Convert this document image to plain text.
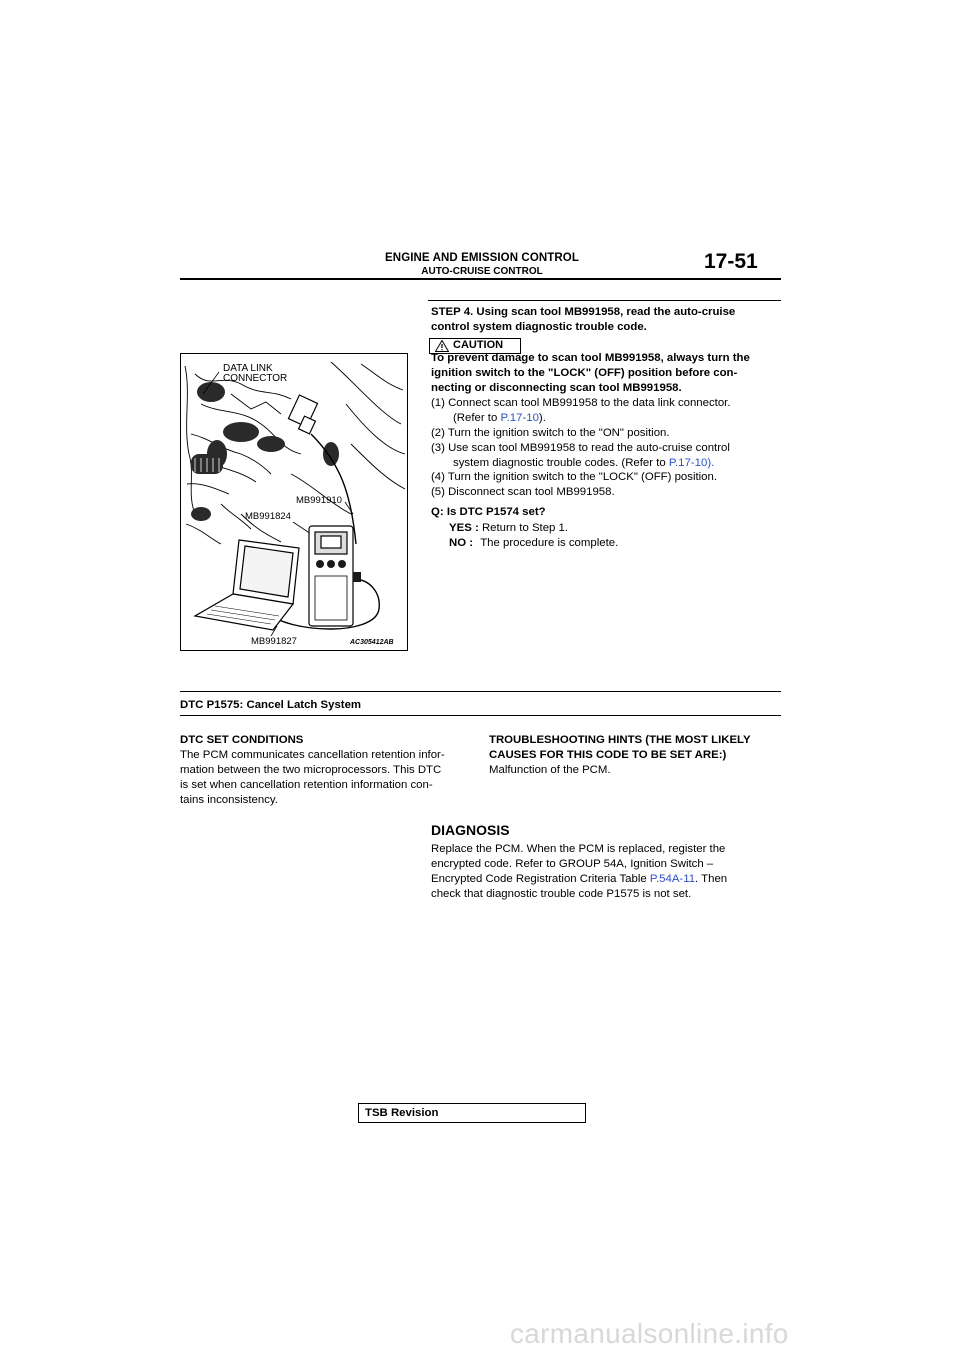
ENGINE AND EMISSION CONTROL
AUTO-CRUISE CONTROL	17-51
STEP 4. Using scan tool MB991958, read the auto-cruise
control system diagnostic trouble code.
CAUTION
To prevent damage to scan tool MB991958, always turn the
ignition switch to the "LOCK" (OFF) position before con-
necting or disconnecting scan tool MB991958.
(1) Connect scan tool MB991958 to the data link connector.
(Refer to P.17-10).
(2) Turn the ignition switch to the "ON" position.
(3) Use scan tool MB991958 to read the auto-cruise control
system diagnostic trouble codes. (Refer to P.17-10).
(4) Turn the ignition switch to the "LOCK" (OFF) position.
(5) Disconnect scan tool MB991958.
Q: Is DTC P1574 set?
YES : Return to Step 1.
NO : The procedure is complete.
DATA LINK
CONNECTOR
MB991910
MB991824
MB991827	AC305412AB
DTC P1575: Cancel Latch System
DTC SET CONDITIONS
The PCM communicates cancellation retention infor-
mation between the two microprocessors. This DTC
is set when cancellation retention information con-
tains inconsistency.
TROUBLESHOOTING HINTS (THE MOST LIKELY
CAUSES FOR THIS CODE TO BE SET ARE:)
Malfunction of the PCM.
DIAGNOSIS
Replace the PCM. When the PCM is replaced, register the
encrypted code. Refer to GROUP 54A, Ignition Switch –
Encrypted Code Registration Criteria Table P.54A-11. Then
check that diagnostic trouble code P1575 is not set.
TSB Revision
carmanualsonline.info
